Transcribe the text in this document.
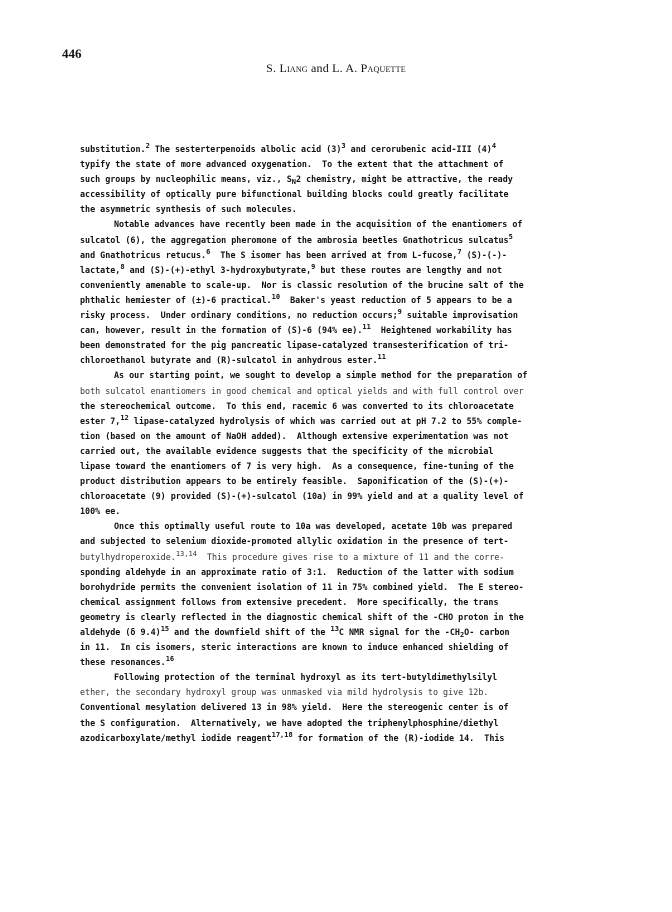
446
S. Liang and L. A. Paquette
substitution.$^2$ The sesterterpenoids albolic acid $(3)^3$ and cerorubenic acid-III $(4)^4$
typify the state of more advanced oxygenation.  To the extent that the attachment of
such groups by nucleophilic means, viz., $S_N2$ chemistry, might be attractive, the ready
accessibility of optically pure bifunctional building blocks could greatly facilitate
the asymmetric synthesis of such molecules.
Notable advances have recently been made in the acquisition of the enantiomers of
sulcatol (6), the aggregation pheromone of the ambrosia beetles Gnathotricus sulcatus$^5$
and Gnathotricus retucus.$^6$  The S isomer has been arrived at from L-fucose,$^7$ (S)-(-)-
lactate,$^8$ and (S)-(+)-ethyl 3-hydroxybutyrate,$^9$ but these routes are lengthy and not
conveniently amenable to scale-up.  Nor is classic resolution of the brucine salt of the
phthalic hemiester of (±)-6 practical.$^{10}$  Baker's yeast reduction of 5 appears to be a
risky process.  Under ordinary conditions, no reduction occurs;$^9$ suitable improvisation
can, however, result in the formation of (S)-6 (94% ee).$^{11}$  Heightened workability has
been demonstrated for the pig pancreatic lipase-catalyzed transesterification of tri-
chloroethanol butyrate and (R)-sulcatol in anhydrous ester.$^{11}$
As our starting point, we sought to develop a simple method for the preparation of
both sulcatol enantiomers in good chemical and optical yields and with full control over
the stereochemical outcome.  To this end, racemic 6 was converted to its chloroacetate
ester 7,12 lipase-catalyzed hydrolysis of which was carried out at pH 7.2 to 55% comple-
tion (based on the amount of NaOH added).  Although extensive experimentation was not
carried out, the available evidence suggests that the specificity of the microbial
lipase toward the enantiomers of 7 is very high.  As a consequence, fine-tuning of the
product distribution appears to be entirely feasible.  Saponification of the (S)-(+)-
chloroacetate (9) provided (S)-(+)-sulcatol (10a) in 99% yield and at a quality level of
100% ee.
Once this optimally useful route to 10a was developed, acetate 10b was prepared
and subjected to selenium dioxide-promoted allylic oxidation in the presence of tert-
butylhydroperoxide.$^{13,14}$  This procedure gives rise to a mixture of 11 and the corre-
sponding aldehyde in an approximate ratio of 3:1.  Reduction of the latter with sodium
borohydride permits the convenient isolation of 11 in 75% combined yield.  The E stereo-
chemical assignment follows from extensive precedent.  More specifically, the trans
geometry is clearly reflected in the diagnostic chemical shift of the -CHO proton in the
aldehyde (δ 9.4)$^{15}$ and the downfield shift of the $^{13}$C NMR signal for the $-CH_2O-$ carbon
in 11.  In cis isomers, steric interactions are known to induce enhanced shielding of
these resonances.$^{16}$
Following protection of the terminal hydroxyl as its tert-butyldimethylsilyl
ether, the secondary hydroxyl group was unmasked via mild hydrolysis to give 12b.
Conventional mesylation delivered 13 in 98% yield.  Here the stereogenic center is of
the S configuration.  Alternatively, we have adopted the triphenylphosphine/diethyl
azodicarboxylate/methyl iodide reagent$^{17,18}$ for formation of the (R)-iodide 14.  This
